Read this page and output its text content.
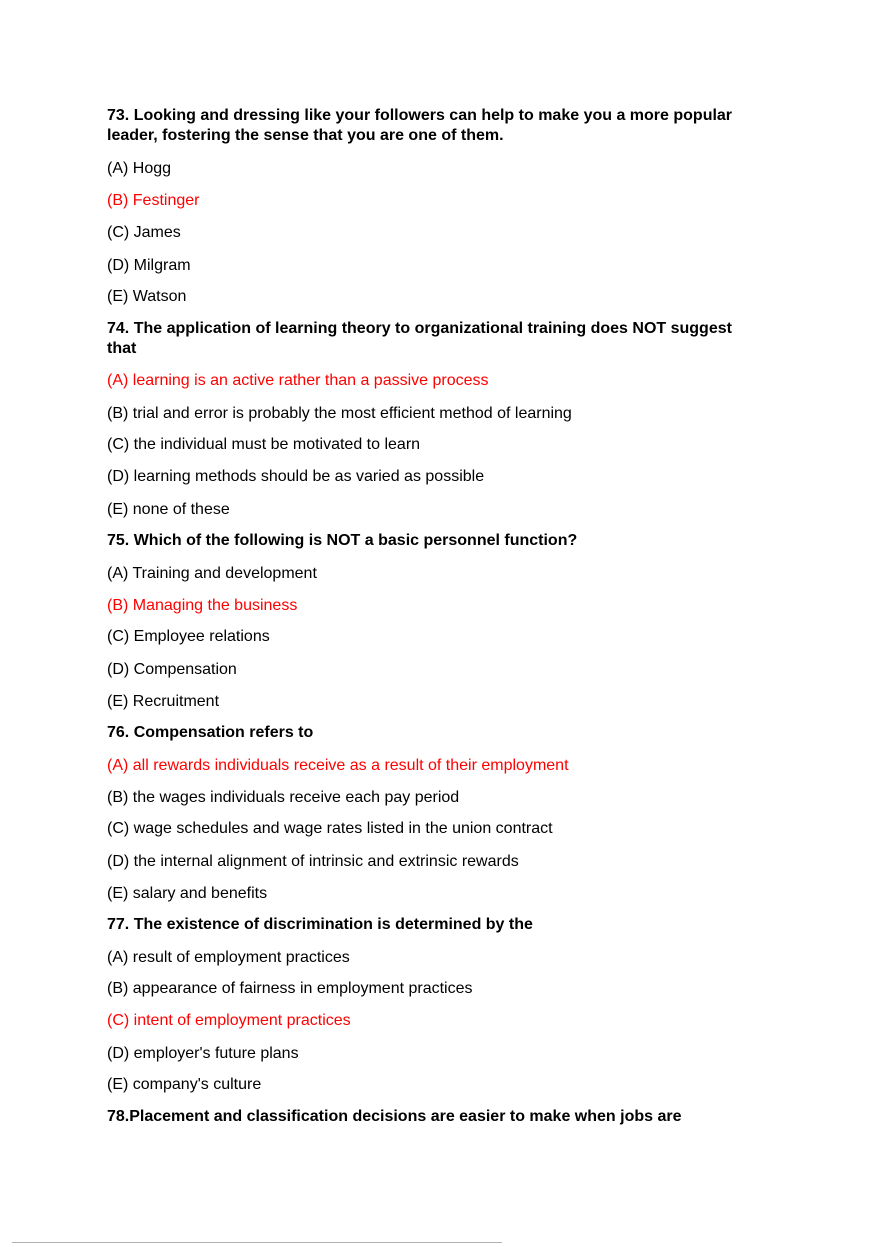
73. Looking and dressing like your followers can help to make you a more popular leader, fostering the sense that you are one of them.
(A) Hogg
(B) Festinger
(C) James
(D) Milgram
(E) Watson
74. The application of learning theory to organizational training does NOT suggest that
(A) learning is an active rather than a passive process
(B) trial and error is probably the most efficient method of learning
(C) the individual must be motivated to learn
(D) learning methods should be as varied as possible
(E) none of these
75. Which of the following is NOT a basic personnel function?
(A) Training and development
(B) Managing the business
(C) Employee relations
(D) Compensation
(E) Recruitment
76. Compensation refers to
(A) all rewards individuals receive as a result of their employment
(B) the wages individuals receive each pay period
(C) wage schedules and wage rates listed in the union contract
(D) the internal alignment of intrinsic and extrinsic rewards
(E) salary and benefits
77. The existence of discrimination is determined by the
(A) result of employment practices
(B) appearance of fairness in employment practices
(C) intent of employment practices
(D) employer's future plans
(E) company's culture
78.Placement and classification decisions are easier to make when jobs are
